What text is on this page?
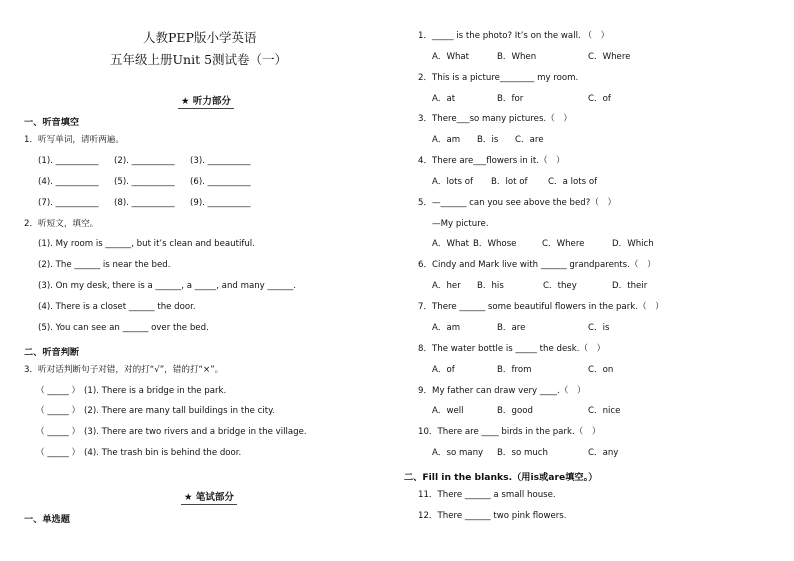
人教PEP版小学英语
五年级上册Unit 5测试卷（一）
★ 听力部分
一、听音填空
1．听写单词，请听两遍。
(1). __________ (2). __________ (3). __________
(4). __________ (5). __________ (6). __________
(7). __________ (8). __________ (9). __________
2．听短文，填空。
(1). My room is ______, but it’s clean and beautiful.
(2). The ______ is near the bed.
(3). On my desk, there is a ______, a _____, and many ______.
(4). There is a closet ______ the door.
(5). You can see an ______ over the bed.
二、听音判断
3．听对话判断句子对错，对的打“√”，错的打“×”。
（ _____ ） (1). There is a bridge in the park.
（ _____ ） (2). There are many tall buildings in the city.
（ _____ ） (3). There are two rivers and a bridge in the village.
（ _____ ） (4). The trash bin is behind the door.
★ 笔试部分
一、单选题
1．_____ is the photo? It’s on the wall. （　）
A．What	B．When	C．Where
2．This is a picture________ my room.
A．at	B．for	C．of
3．There___so many pictures.（　）
A．am B．is C．are
4．There are___flowers in it.（　）
A．lots of B．lot of C．a lots of
5．—______ can you see above the bed?（　）
—My picture.
A．What B．Whose	C．Where	D．Which
6．Cindy and Mark live with ______ grandparents.（　）
A．her B．his	C．they	D．their
7．There ______ some beautiful flowers in the park.（　）
A．am	B．are	C．is
8．The water bottle is _____ the desk.（　）
A．of	B．from	C．on
9．My father can draw very ____.（　）
A．well	B．good	C．nice
10．There are ____ birds in the park.（　）
A．so many B．so much	C．any
二、Fill in the blanks.（用is或are填空。）
11．There ______ a small house.
12．There ______ two pink flowers.
